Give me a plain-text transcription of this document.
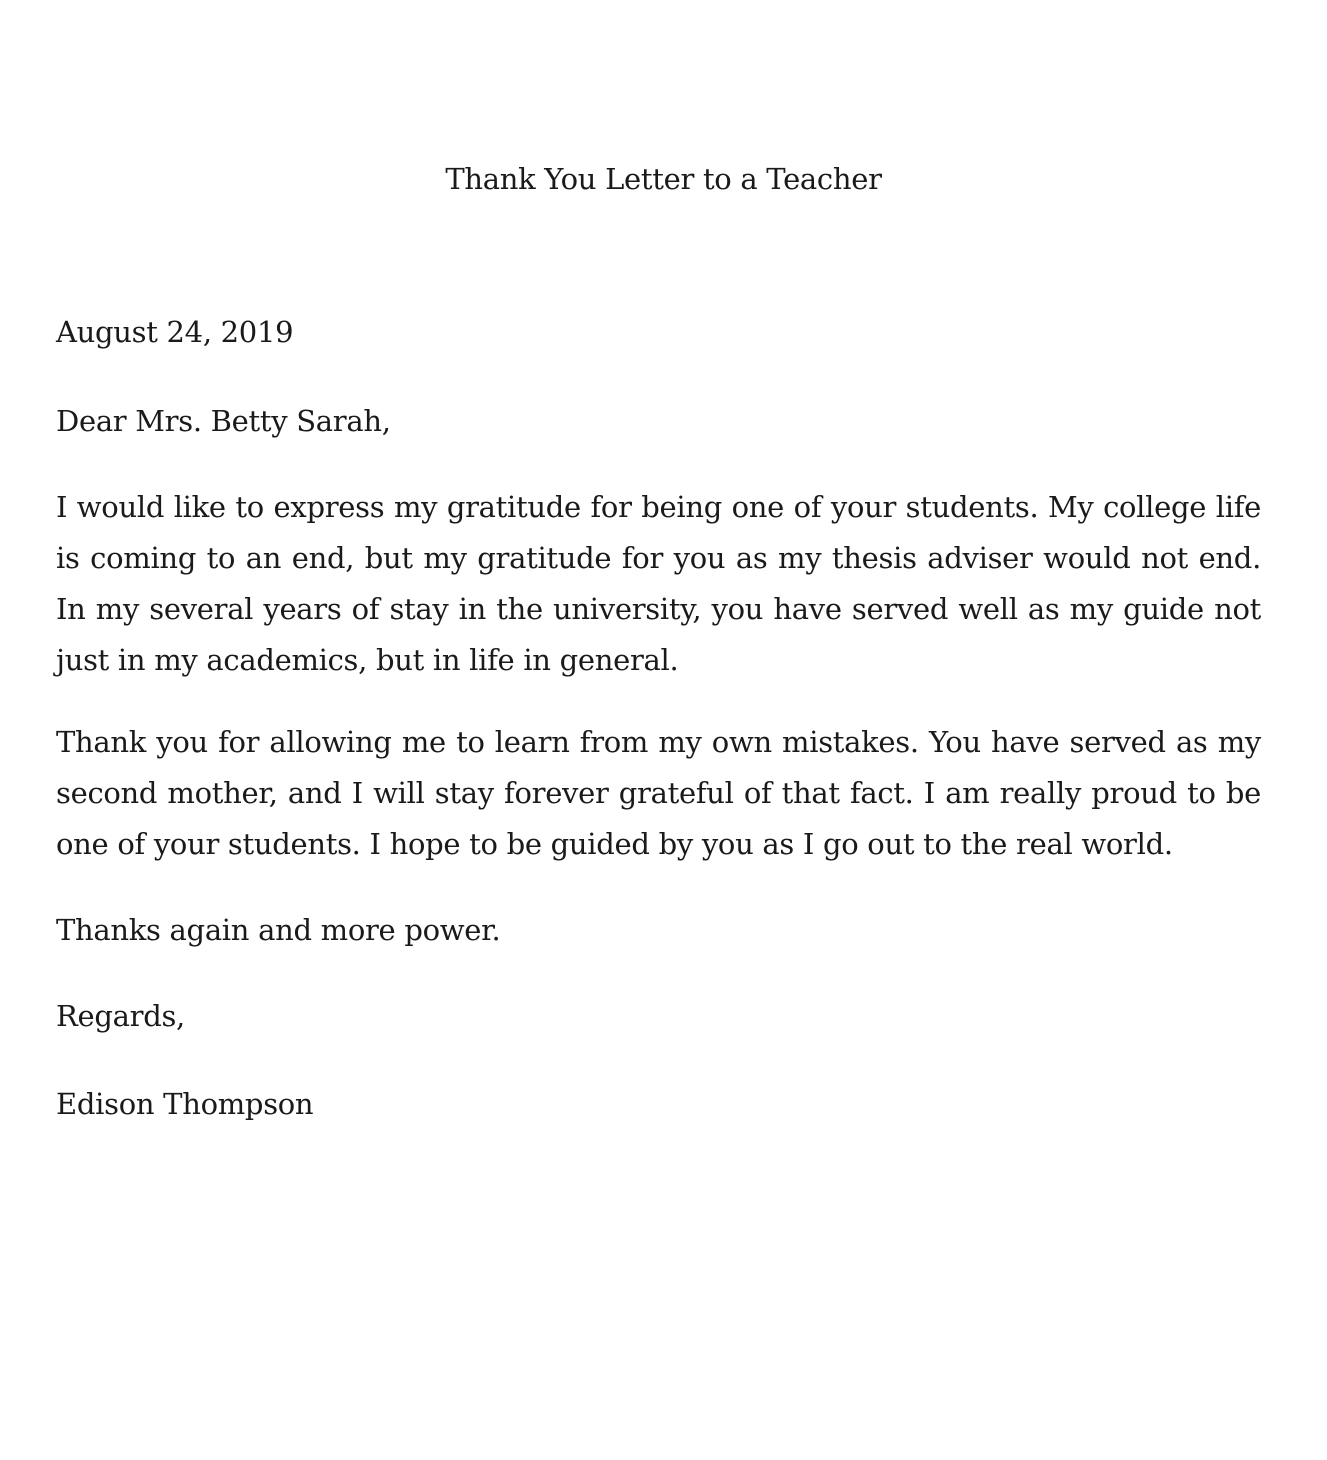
Thank You Letter to a Teacher
August 24, 2019
Dear Mrs. Betty Sarah,
I would like to express my gratitude for being one of your students. My college life is coming to an end, but my gratitude for you as my thesis adviser would not end. In my several years of stay in the university, you have served well as my guide not just in my academics, but in life in general.
Thank you for allowing me to learn from my own mistakes. You have served as my second mother, and I will stay forever grateful of that fact. I am really proud to be one of your students. I hope to be guided by you as I go out to the real world.
Thanks again and more power.
Regards,
Edison Thompson
